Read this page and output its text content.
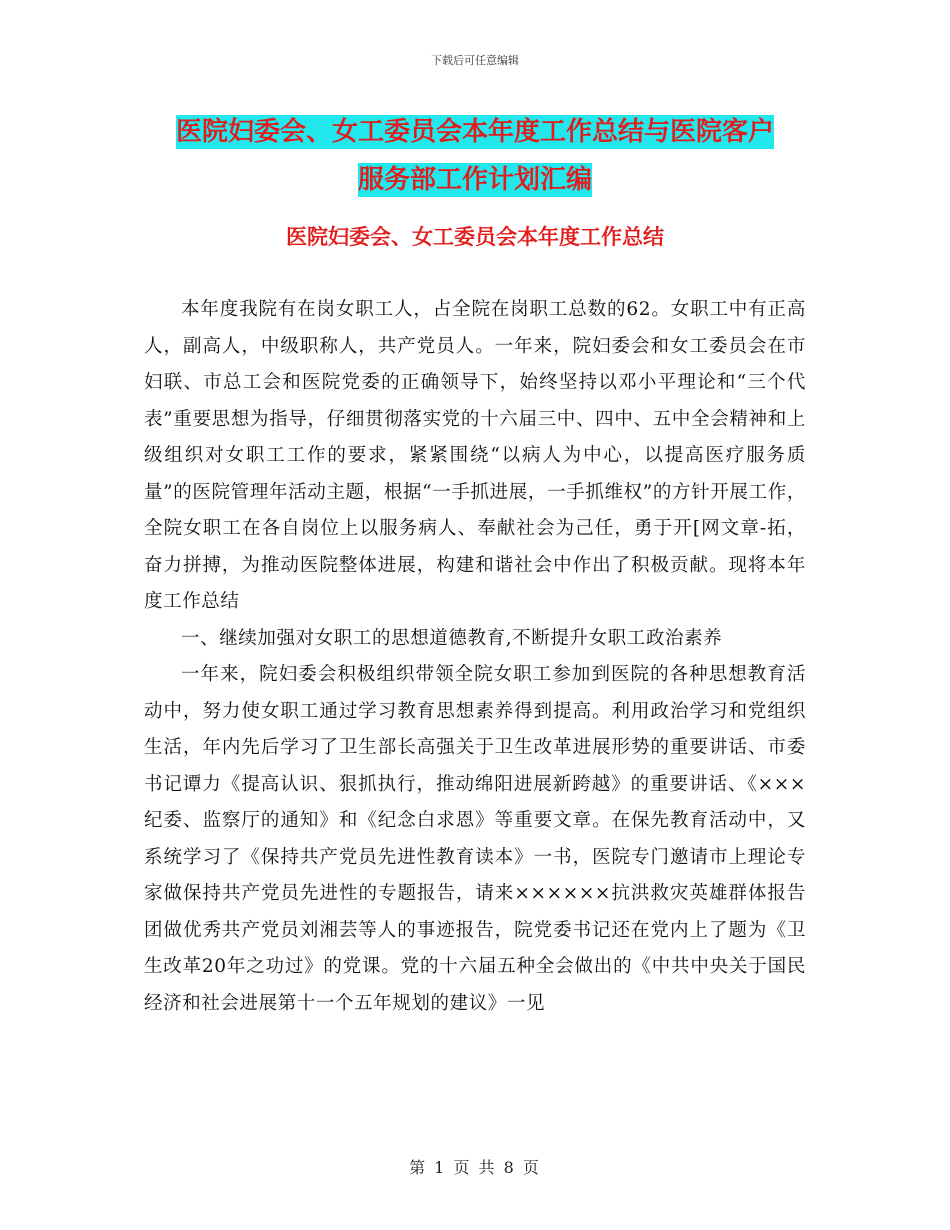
下载后可任意编辑
医院妇委会、女工委员会本年度工作总结与医院客户
服务部工作计划汇编
医院妇委会、女工委员会本年度工作总结

本年度我院有在岗女职工人，占全院在岗职工总数的62。女职工中有正高人，副高人，中级职称人，共产党员人。一年来，院妇委会和女工委员会在市妇联、市总工会和医院党委的正确领导下，始终坚持以邓小平理论和“三个代表”重要思想为指导，仔细贯彻落实党的十六届三中、四中、五中全会精神和上级组织对女职工工作的要求，紧紧围绕“以病人为中心，以提高医疗服务质量”的医院管理年活动主题，根据“一手抓进展，一手抓维权”的方针开展工作，全院女职工在各自岗位上以服务病人、奉献社会为己任，勇于开[网文章-拓，奋力拼搏，为推动医院整体进展，构建和谐社会中作出了积极贡献。现将本年度工作总结

一、继续加强对女职工的思想道德教育,不断提升女职工政治素养

一年来，院妇委会积极组织带领全院女职工参加到医院的各种思想教育活动中，努力使女职工通过学习教育思想素养得到提高。利用政治学习和党组织生活，年内先后学习了卫生部长高强关于卫生改革进展形势的重要讲话、市委书记谭力《提高认识、狠抓执行，推动绵阳进展新跨越》的重要讲话、《×××纪委、监察厅的通知》和《纪念白求恩》等重要文章。在保先教育活动中，又系统学习了《保持共产党员先进性教育读本》一书，医院专门邀请市上理论专家做保持共产党员先进性的专题报告，请来××××××抗洪救灾英雄群体报告团做优秀共产党员刘湘芸等人的事迹报告，院党委书记还在党内上了题为《卫生改革20年之功过》的党课。党的十六届五种全会做出的《中共中央关于国民经济和社会进展第十一个五年规划的建议》一见

第 1 页 共 8 页
